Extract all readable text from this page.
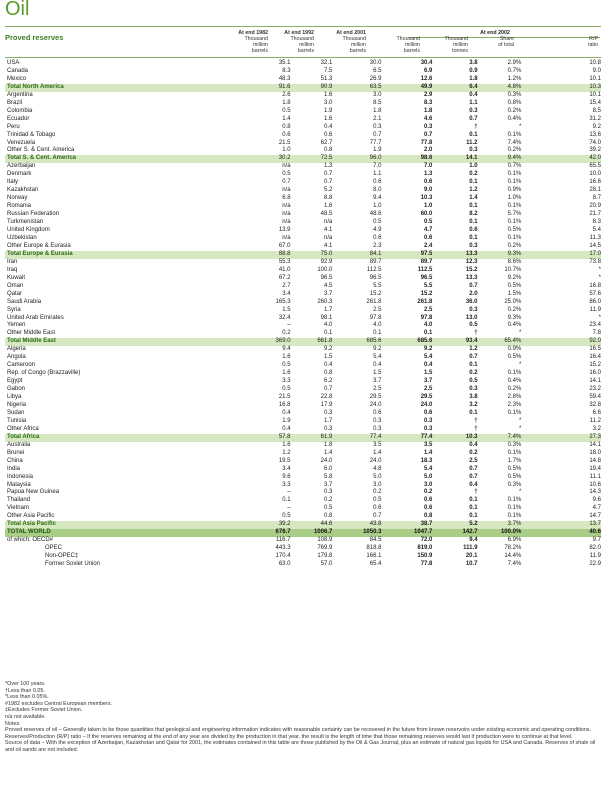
Oil
Proved reserves	At end 1982
Thousand
million
barrels
At end 1992
Thousand
million
barrels
At end 2001
Thousand
million
barrels
At end 2002

Thousand
million
barrels

Thousand
million
tonnes

Share
of total

R/P
ratio
USA	35.1	32.1	30.0	30.4	3.8	2.9%	10.8
Canada	8.3	7.5	6.5	6.9	0.9	0.7%	9.0
Mexico	48.3	51.3	26.9	12.6	1.8	1.2%	10.1
Total North America	91.6	90.9	63.5	49.9	6.4	4.8%	10.3
Argentina	2.6	1.6	3.0	2.9	0.4	0.3%	10.1
Brazil	1.8	3.0	8.5	8.3	1.1	0.8%	15.4
Colombia	0.5	1.9	1.8	1.8	0.3	0.2%	8.5
Ecuador	1.4	1.6	2.1	4.6	0.7	0.4%	31.2
Peru	0.8	0.4	0.3	0.3	†	*	9.2
Trinidad & Tobago	0.6	0.6	0.7	0.7	0.1	0.1%	13.6
Venezuela	21.5	62.7	77.7	77.8	11.2	7.4%	74.0
Other S. & Cent. America	1.0	0.8	1.9	2.0	0.3	0.2%	39.2
Total S. & Cent. America	30.2	72.5	96.0	98.6	14.1	9.4%	42.0
Azerbaijan	n/a	1.3	7.0	7.0	1.0	0.7%	65.5
Denmark	0.5	0.7	1.1	1.3	0.2	0.1%	10.0
Italy	0.7	0.7	0.6	0.6	0.1	0.1%	16.6
Kazakhstan	n/a	5.2	8.0	9.0	1.2	0.9%	28.1
Norway	6.8	8.8	9.4	10.3	1.4	1.0%	8.7
Romania	n/a	1.6	1.0	1.0	0.1	0.1%	20.9
Russian Federation	n/a	48.5	48.6	60.0	8.2	5.7%	21.7
Turkmenistan	n/a	n/a	0.5	0.5	0.1	0.1%	8.3
United Kingdom	13.9	4.1	4.9	4.7	0.6	0.5%	5.4
Uzbekistan	n/a	n/a	0.6	0.6	0.1	0.1%	11.3
Other Europe & Eurasia	67.0	4.1	2.3	2.4	0.3	0.2%	14.5
Total Europe & Eurasia	88.8	75.0	84.1	97.5	13.3	9.3%	17.0
Iran	55.3	92.9	89.7	89.7	12.3	8.6%	73.8
Iraq	41.0	100.0	112.5	112.5	15.2	10.7%	*
Kuwait	67.2	96.5	96.5	96.5	13.3	9.2%	*
Oman	2.7	4.5	5.5	5.5	0.7	0.5%	16.8
Qatar	3.4	3.7	15.2	15.2	2.0	1.5%	57.6
Saudi Arabia	165.3	260.3	261.8	261.8	36.0	25.0%	86.0
Syria	1.5	1.7	2.5	2.5	0.3	0.2%	11.9
United Arab Emirates	32.4	98.1	97.8	97.8	13.0	9.3%	*
Yemen	–	4.0	4.0	4.0	0.5	0.4%	23.4
Other Middle East	0.2	0.1	0.1	0.1	†	*	7.8
Total Middle East	369.0	661.8	685.6	685.6	93.4	65.4%	92.0
Algeria	9.4	9.2	9.2	9.2	1.2	0.9%	16.5
Angola	1.6	1.5	5.4	5.4	0.7	0.5%	16.4
Cameroon	0.5	0.4	0.4	0.4	0.1	*	15.2
Rep. of Congo (Brazzaville)	1.6	0.8	1.5	1.5	0.2	0.1%	16.0
Egypt	3.3	6.2	3.7	3.7	0.5	0.4%	14.1
Gabon	0.5	0.7	2.5	2.5	0.3	0.2%	23.2
Libya	21.5	22.8	29.5	29.5	3.8	2.8%	59.4
Nigeria	16.8	17.9	24.0	24.0	3.2	2.3%	32.8
Sudan	0.4	0.3	0.6	0.6	0.1	0.1%	6.6
Tunisia	1.9	1.7	0.3	0.3	†	*	11.2
Other Africa	0.4	0.3	0.3	0.3	†	*	3.2
Total Africa	57.8	61.9	77.4	77.4	10.3	7.4%	27.3
Australia	1.6	1.8	3.5	3.5	0.4	0.3%	14.1
Brunei	1.2	1.4	1.4	1.4	0.2	0.1%	18.0
China	19.5	24.0	24.0	18.3	2.5	1.7%	14.8
India	3.4	6.0	4.8	5.4	0.7	0.5%	19.4
Indonesia	9.6	5.8	5.0	5.0	0.7	0.5%	11.1
Malaysia	3.3	3.7	3.0	3.0	0.4	0.3%	10.6
Papua New Guinea	–	0.3	0.2	0.2	†	*	14.3
Thailand	0.1	0.2	0.5	0.6	0.1	0.1%	9.6
Vietnam	–	0.5	0.6	0.6	0.1	0.1%	4.7
Other Asia Pacific	0.5	0.8	0.7	0.8	0.1	0.1%	14.7
Total Asia Pacific	39.2	44.6	43.8	38.7	5.2	3.7%	13.7
TOTAL WORLD	676.7	1006.7	1050.3	1047.7	142.7	100.0%	40.6
of which: OECD#	116.7	108.9	84.5	72.0	9.4	6.9%	9.7
OPEC	443.3	769.9	818.8	819.0	111.9	78.2%	82.0
Non-OPEC‡	170.4	179.8	166.1	150.9	20.1	14.4%	11.9
Former Soviet Union	63.0	57.0	65.4	77.8	10.7	7.4%	22.9

*Over 100 years.

†Less than 0.05.

*Less than 0.05%.

#1982 excludes Central European members.

‡Excludes Former Soviet Union.

n/a not available.

Notes:

Proved reserves of oil – Generally taken to be those quantities that geological and engineering information indicates with reasonable certainty can be recovered in the future from known reservoirs under existing economic and operating conditions.

Reserves/Production (R/P) ratio – If the reserves remaining at the end of any year are divided by the production in that year, the result is the length of time that those remaining reserves would last if production were to continue at that level.

Source of data – With the exception of Azerbaijan, Kazakhstan and Qatar for 2001, the estimates contained in this table are those published by the Oil & Gas Journal, plus an estimate of natural gas liquids for USA and Canada. Reserves of shale oil and oil sands are not included.
